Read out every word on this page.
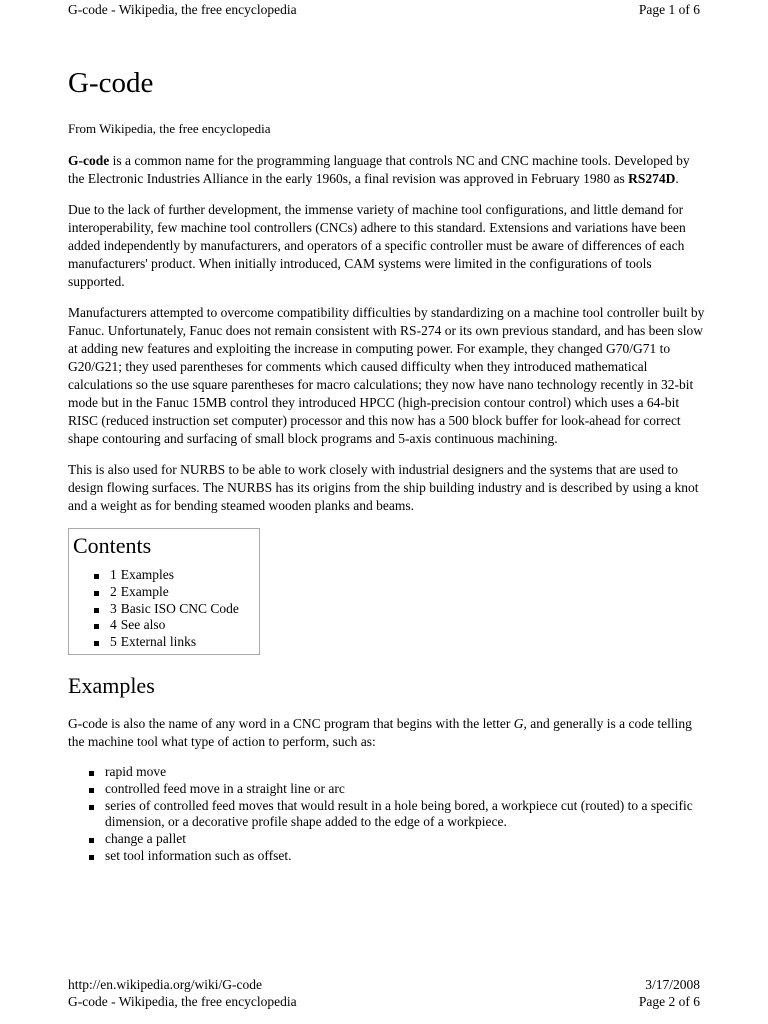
G-code - Wikipedia, the free encyclopedia	Page 1 of 6
G-code
From Wikipedia, the free encyclopedia

G-code is a common name for the programming language that controls NC and CNC machine tools. Developed by the Electronic Industries Alliance in the early 1960s, a final revision was approved in February 1980 as RS274D.

Due to the lack of further development, the immense variety of machine tool configurations, and little demand for interoperability, few machine tool controllers (CNCs) adhere to this standard. Extensions and variations have been added independently by manufacturers, and operators of a specific controller must be aware of differences of each manufacturers' product. When initially introduced, CAM systems were limited in the configurations of tools supported.

Manufacturers attempted to overcome compatibility difficulties by standardizing on a machine tool controller built by Fanuc. Unfortunately, Fanuc does not remain consistent with RS-274 or its own previous standard, and has been slow at adding new features and exploiting the increase in computing power. For example, they changed G70/G71 to G20/G21; they used parentheses for comments which caused difficulty when they introduced mathematical calculations so the use square parentheses for macro calculations; they now have nano technology recently in 32-bit mode but in the Fanuc 15MB control they introduced HPCC (high-precision contour control) which uses a 64-bit RISC (reduced instruction set computer) processor and this now has a 500 block buffer for look-ahead for correct shape contouring and surfacing of small block programs and 5-axis continuous machining.

This is also used for NURBS to be able to work closely with industrial designers and the systems that are used to design flowing surfaces. The NURBS has its origins from the ship building industry and is described by using a knot and a weight as for bending steamed wooden planks and beams.

Contents
1 Examples
2 Example
3 Basic ISO CNC Code
4 See also
5 External links
Examples

G-code is also the name of any word in a CNC program that begins with the letter G, and generally is a code telling the machine tool what type of action to perform, such as:

rapid move
controlled feed move in a straight line or arc
series of controlled feed moves that would result in a hole being bored, a workpiece cut (routed) to a specific dimension, or a decorative profile shape added to the edge of a workpiece.
change a pallet
set tool information such as offset.
http://en.wikipedia.org/wiki/G-code	3/17/2008
G-code - Wikipedia, the free encyclopedia	Page 2 of 6
